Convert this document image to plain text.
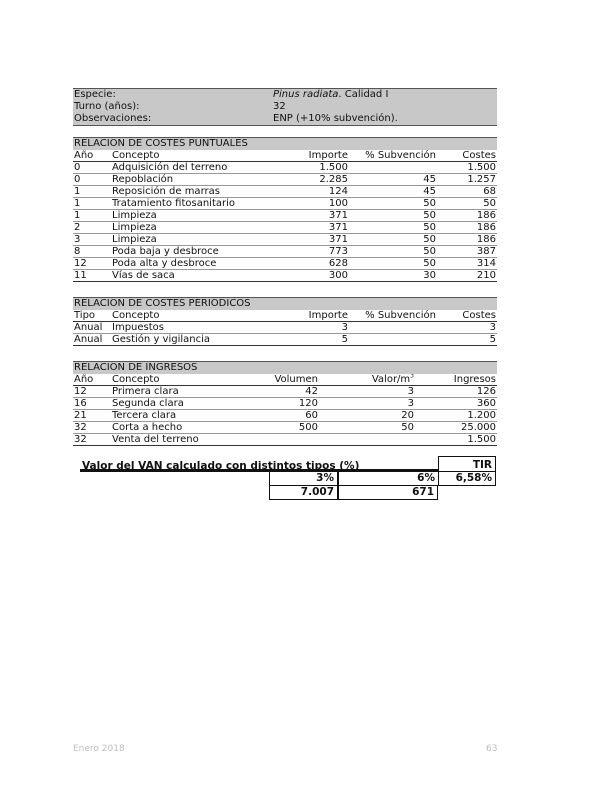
Especie:	Pinus radiata. Calidad I
Turno (años):	32
Observaciones:	ENP (+10% subvención).
RELACION DE COSTES PUNTUALES
Año	Concepto	Importe	% Subvención	Costes
0	Adquisición del terreno	1.500		1.500
0	Repoblación	2.285	45	1.257
1	Reposición de marras	124	45	68
1	Tratamiento fitosanitario	100	50	50
1	Limpieza	371	50	186
2	Limpieza	371	50	186
3	Limpieza	371	50	186
8	Poda baja y desbroce	773	50	387
12	Poda alta y desbroce	628	50	314
11	Vías de saca	300	30	210
RELACION DE COSTES PERIODICOS
Tipo	Concepto	Importe	% Subvención	Costes
Anual	Impuestos	3		3
Anual	Gestión y vigilancia	5		5
RELACION DE INGRESOS
Año	Concepto	Volumen	Valor/$m^3$	Ingresos
12	Primera clara	42	3	126
16	Segunda clara	120	3	360
21	Tercera clara	60	20	1.200
32	Corta a hecho	500	50	25.000
32	Venta del terreno			1.500
Valor del VAN calculado con distintos tipos (%)	TIR
3%	6%	6,58%
7.007	671
Enero 2018	63
